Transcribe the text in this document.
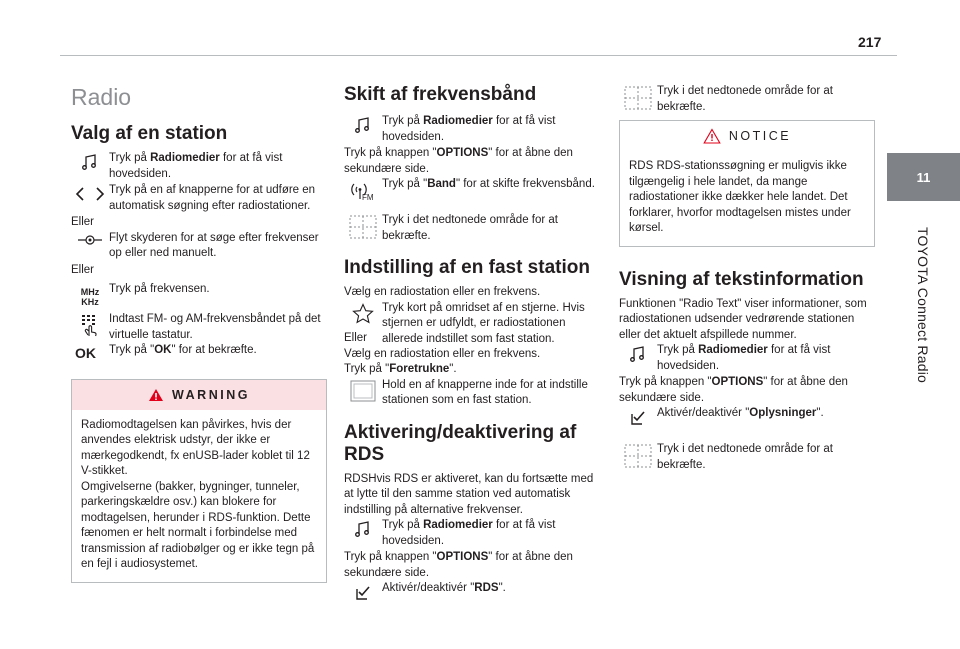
217
11
TOYOTA Connect Radio
Radio
Valg af en station
Tryk på Radiomedier for at få vist hovedsiden.
Tryk på en af knapperne for at udføre en automatisk søgning efter radiostationer.

Eller

Flyt skyderen for at søge efter frekvenser op eller ned manuelt.

Eller

MHz
KHz
Tryk på frekvensen.
Indtast FM- og AM-frekvensbåndet på det virtuelle tastatur.
Tryk på "OK" for at bekræfte.
OK
WARNING
Radiomodtagelsen kan påvirkes, hvis der anvendes elektrisk udstyr, der ikke er mærkegodkendt, fx enUSB-lader koblet til 12 V-stikket.
Omgivelserne (bakker, bygninger, tunneler, parkeringskældre osv.) kan blokere for modtagelsen, herunder i RDS-funktion. Dette fænomen er helt normalt i forbindelse med transmission af radiobølger og er ikke tegn på en fejl i audiosystemet.
Skift af frekvensbånd
Tryk på Radiomedier for at få vist hovedsiden.

Tryk på knappen "OPTIONS" for at åbne den sekundære side.

FM
Tryk på "Band" for at skifte frekvensbånd.
Tryk i det nedtonede område for at bekræfte.
Indstilling af en fast station

Vælg en radiostation eller en frekvens.

Tryk kort på omridset af en stjerne. Hvis stjernen er udfyldt, er radiostationen allerede indstillet som fast station.

Eller

Vælg en radiostation eller en frekvens.

Tryk på "Foretrukne".

Hold en af knapperne inde for at indstille stationen som en fast station.
Aktivering/deaktivering af RDS

RDSHvis RDS er aktiveret, kan du fortsætte med at lytte til den samme station ved automatisk indstilling på alternative frekvenser.

Tryk på Radiomedier for at få vist hovedsiden.

Tryk på knappen "OPTIONS" for at åbne den sekundære side.

Aktivér/deaktivér "RDS".
Tryk i det nedtonede område for at bekræfte.
NOTICE
RDS RDS-stationssøgning er muligvis ikke tilgængelig i hele landet, da mange radiostationer ikke dækker hele landet. Det forklarer, hvorfor modtagelsen mistes under kørsel.
Visning af tekstinformation

Funktionen "Radio Text" viser informationer, som radiostationen udsender vedrørende stationen eller det aktuelt afspillede nummer.

Tryk på Radiomedier for at få vist hovedsiden.

Tryk på knappen "OPTIONS" for at åbne den sekundære side.

Aktivér/deaktivér "Oplysninger".
Tryk i det nedtonede område for at bekræfte.
